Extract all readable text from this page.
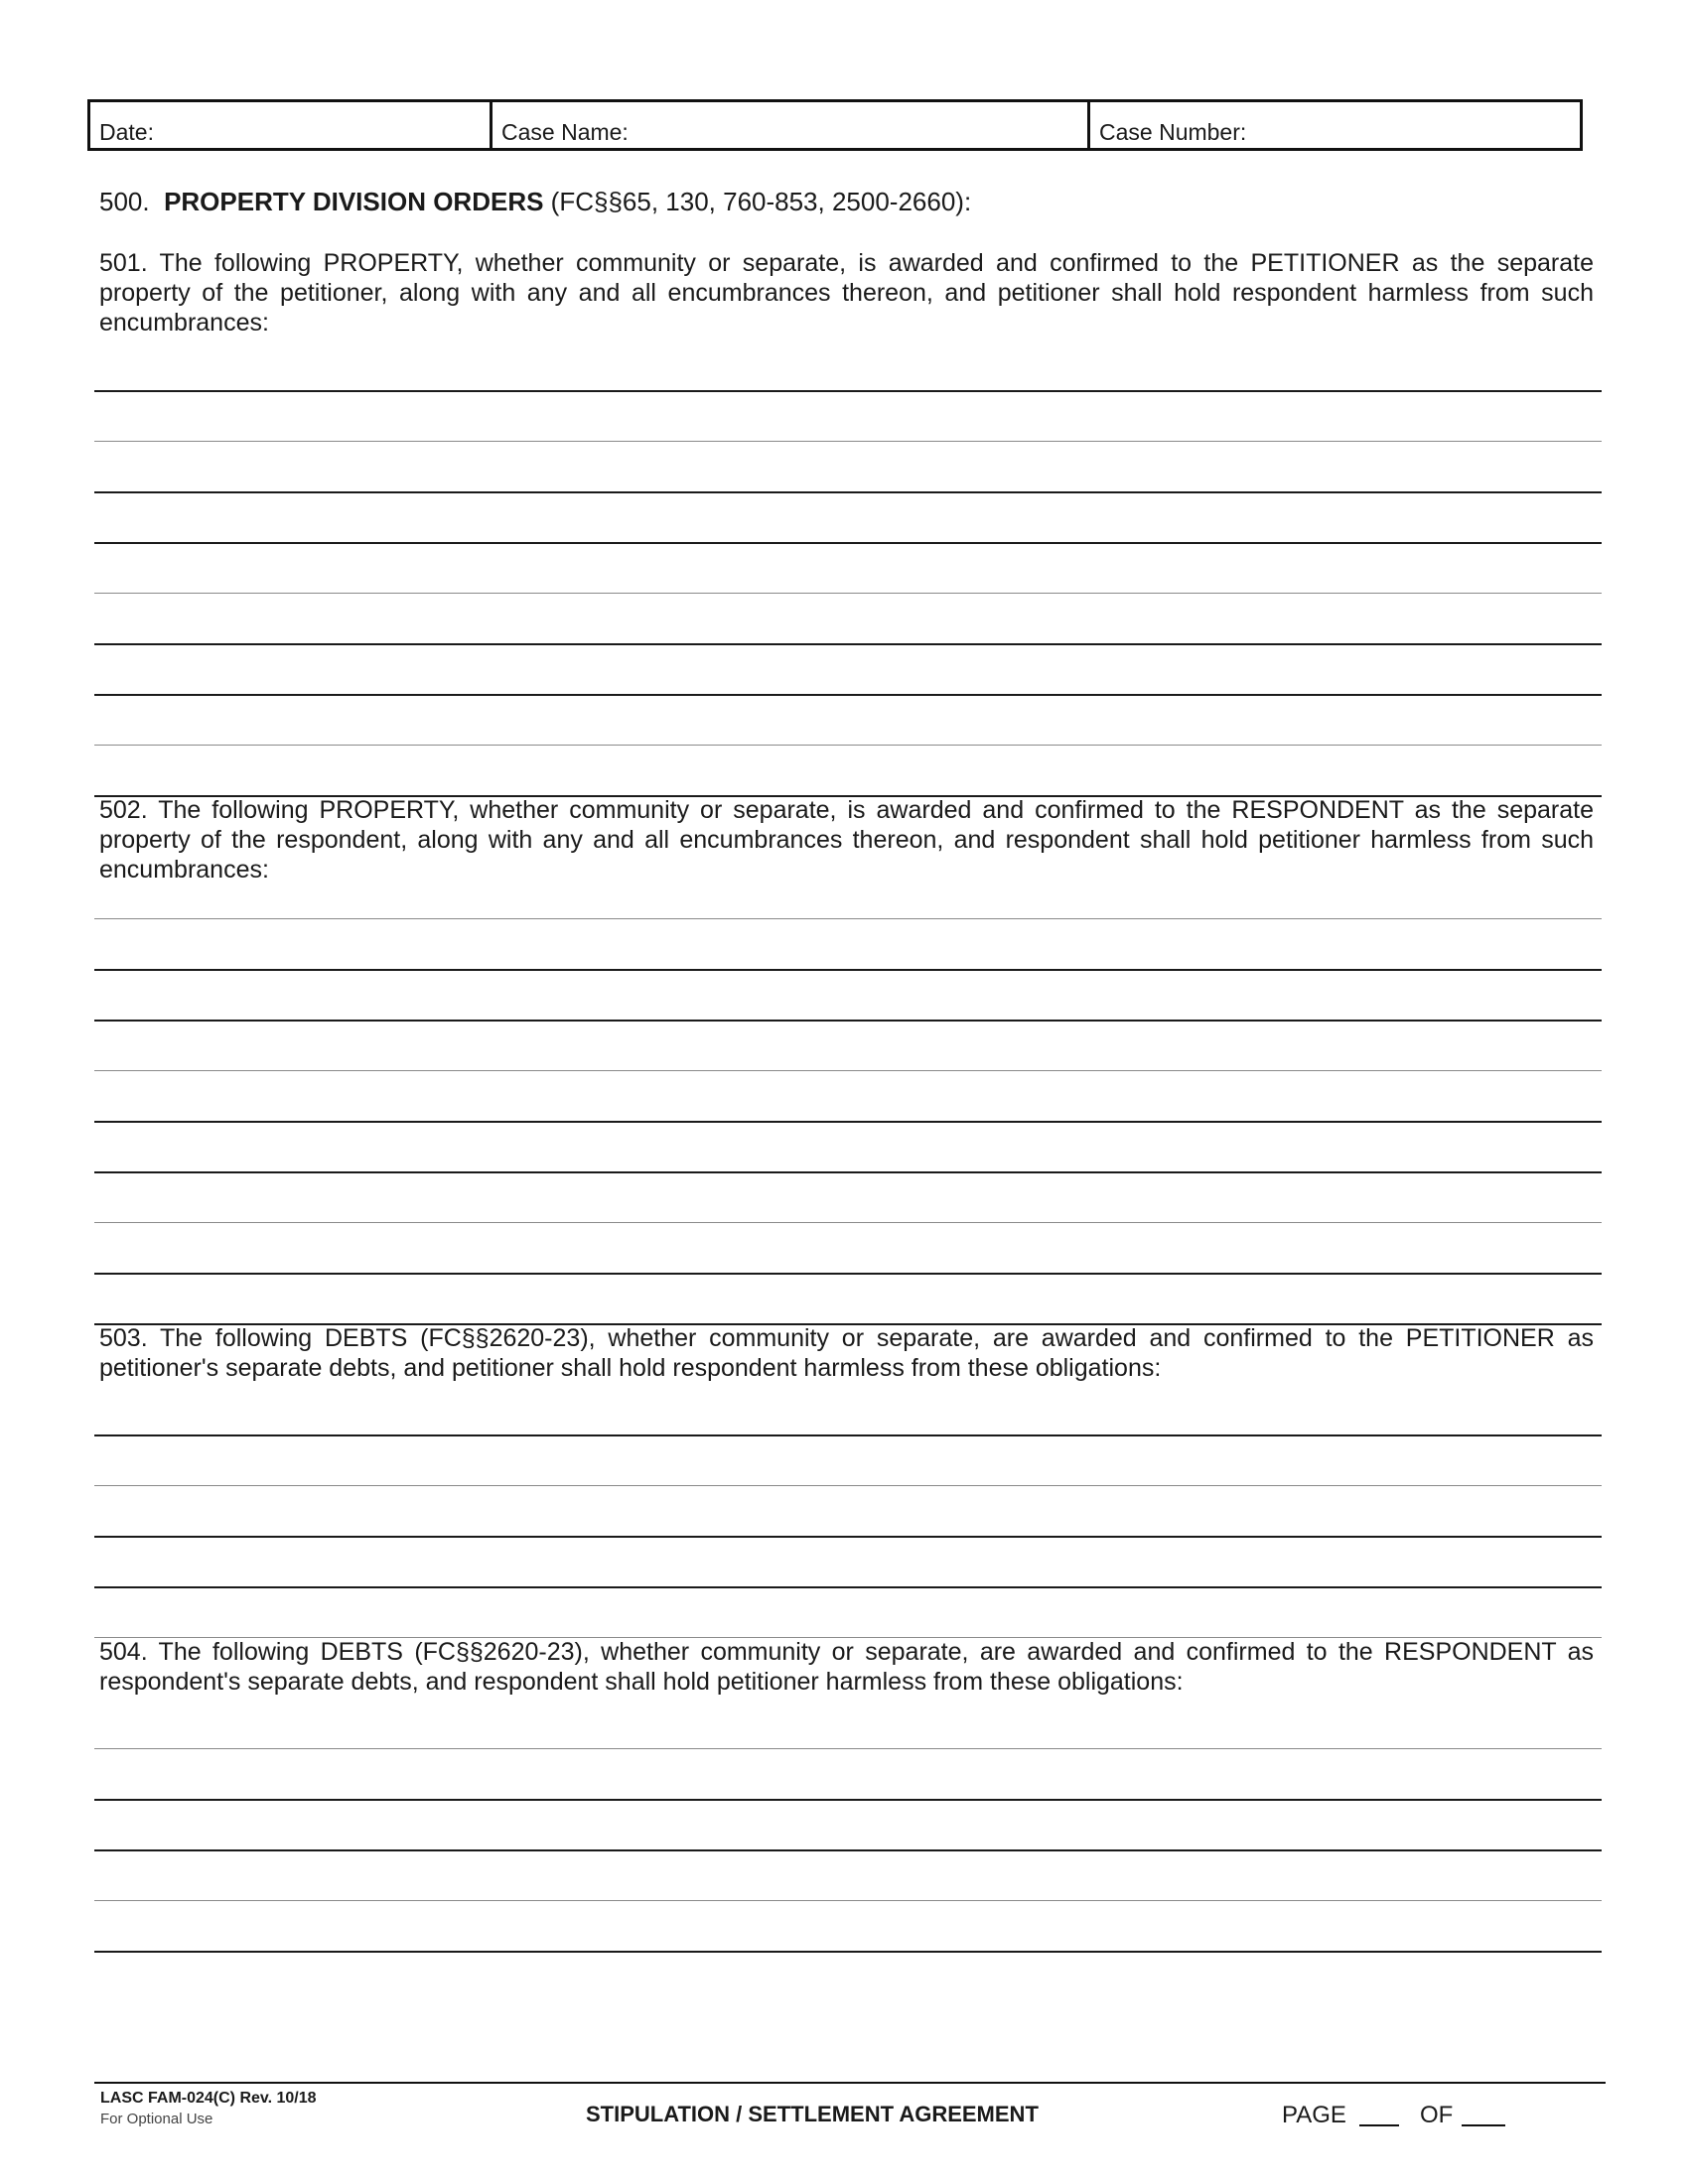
Date:	Case Name:	Case Number:
500. PROPERTY DIVISION ORDERS (FC§§65, 130, 760-853, 2500-2660):
501. The following PROPERTY, whether community or separate, is awarded and confirmed to the PETITIONER as the separate property of the petitioner, along with any and all encumbrances thereon, and petitioner shall hold respondent harmless from such encumbrances:
502. The following PROPERTY, whether community or separate, is awarded and confirmed to the RESPONDENT as the separate property of the respondent, along with any and all encumbrances thereon, and respondent shall hold petitioner harmless from such encumbrances:
503. The following DEBTS (FC§§2620-23), whether community or separate, are awarded and confirmed to the PETITIONER as petitioner's separate debts, and petitioner shall hold respondent harmless from these obligations:
504. The following DEBTS (FC§§2620-23), whether community or separate, are awarded and confirmed to the RESPONDENT as respondent's separate debts, and respondent shall hold petitioner harmless from these obligations:
LASC FAM-024(C) Rev. 10/18
For Optional Use	STIPULATION / SETTLEMENT AGREEMENT	PAGE	OF
